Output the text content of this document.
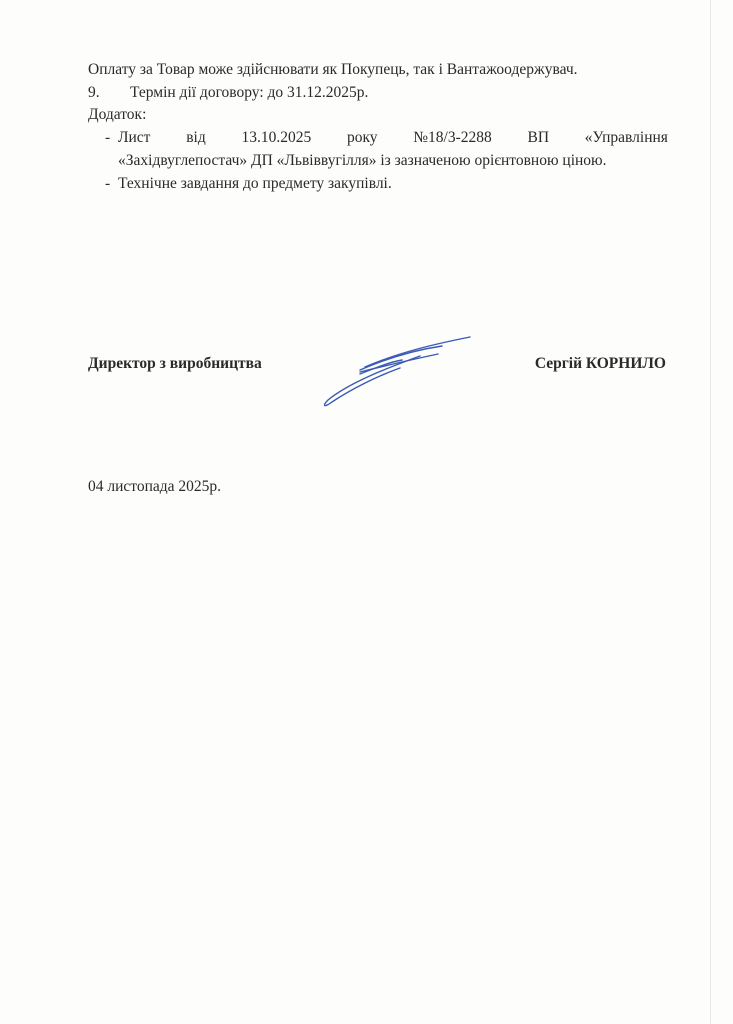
Оплату за Товар може здійснювати як Покупець, так і Вантажоодержувач.
9. Термін дії договору: до 31.12.2025р.
Додаток:
- Лист від 13.10.2025 року №18/3-2288 ВП «Управління
«Західвуглепостач» ДП «Львіввугілля» із зазначеною орієнтовною ціною.
- Технічне завдання до предмету закупівлі.
Директор з виробництва	Сергій КОРНИЛО
04 листопада 2025р.
